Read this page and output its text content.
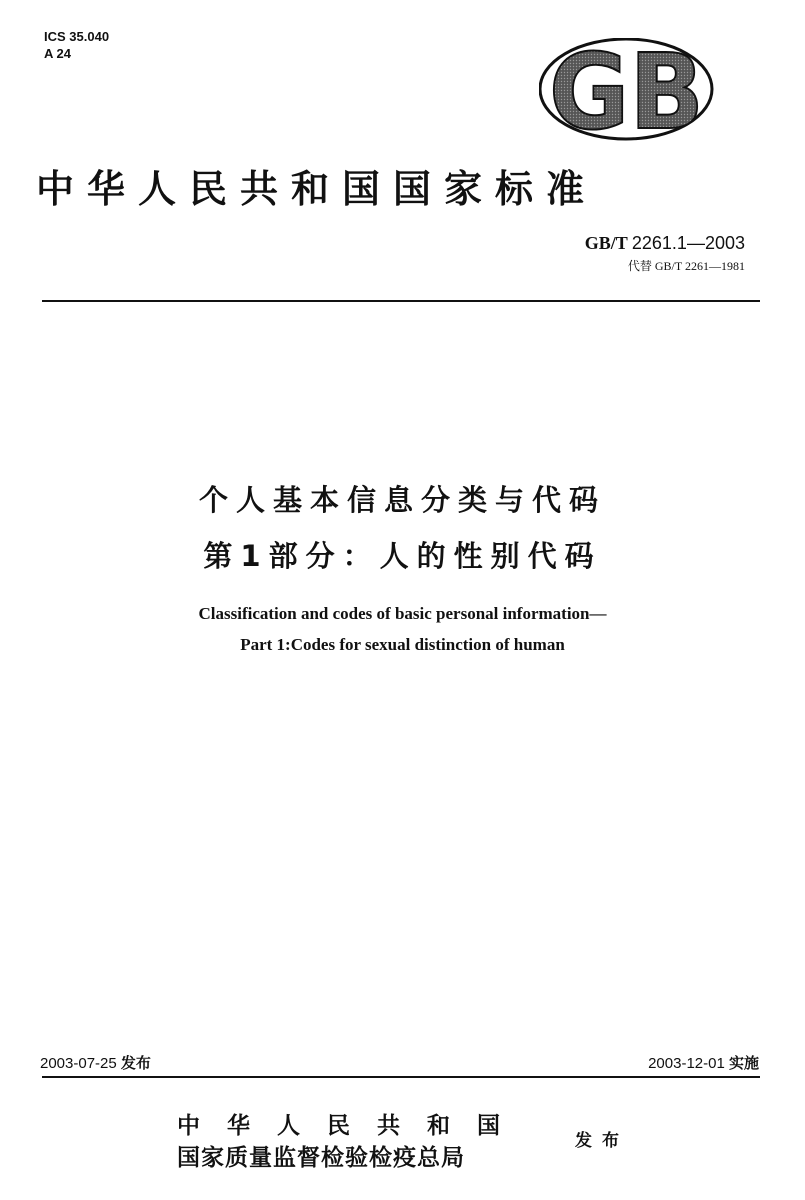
ICS 35.040
A 24	GB
中华人民共和国国家标准
GB/T 2261.1—2003
代替 GB/T 2261—1981
个人基本信息分类与代码
第1部分：人的性别代码
Classification and codes of basic personal information—
Part 1:Codes for sexual distinction of human
2003-07-25 发布	2003-12-01 实施
中华人民共和国
国家质量监督检验检疫总局
发布
